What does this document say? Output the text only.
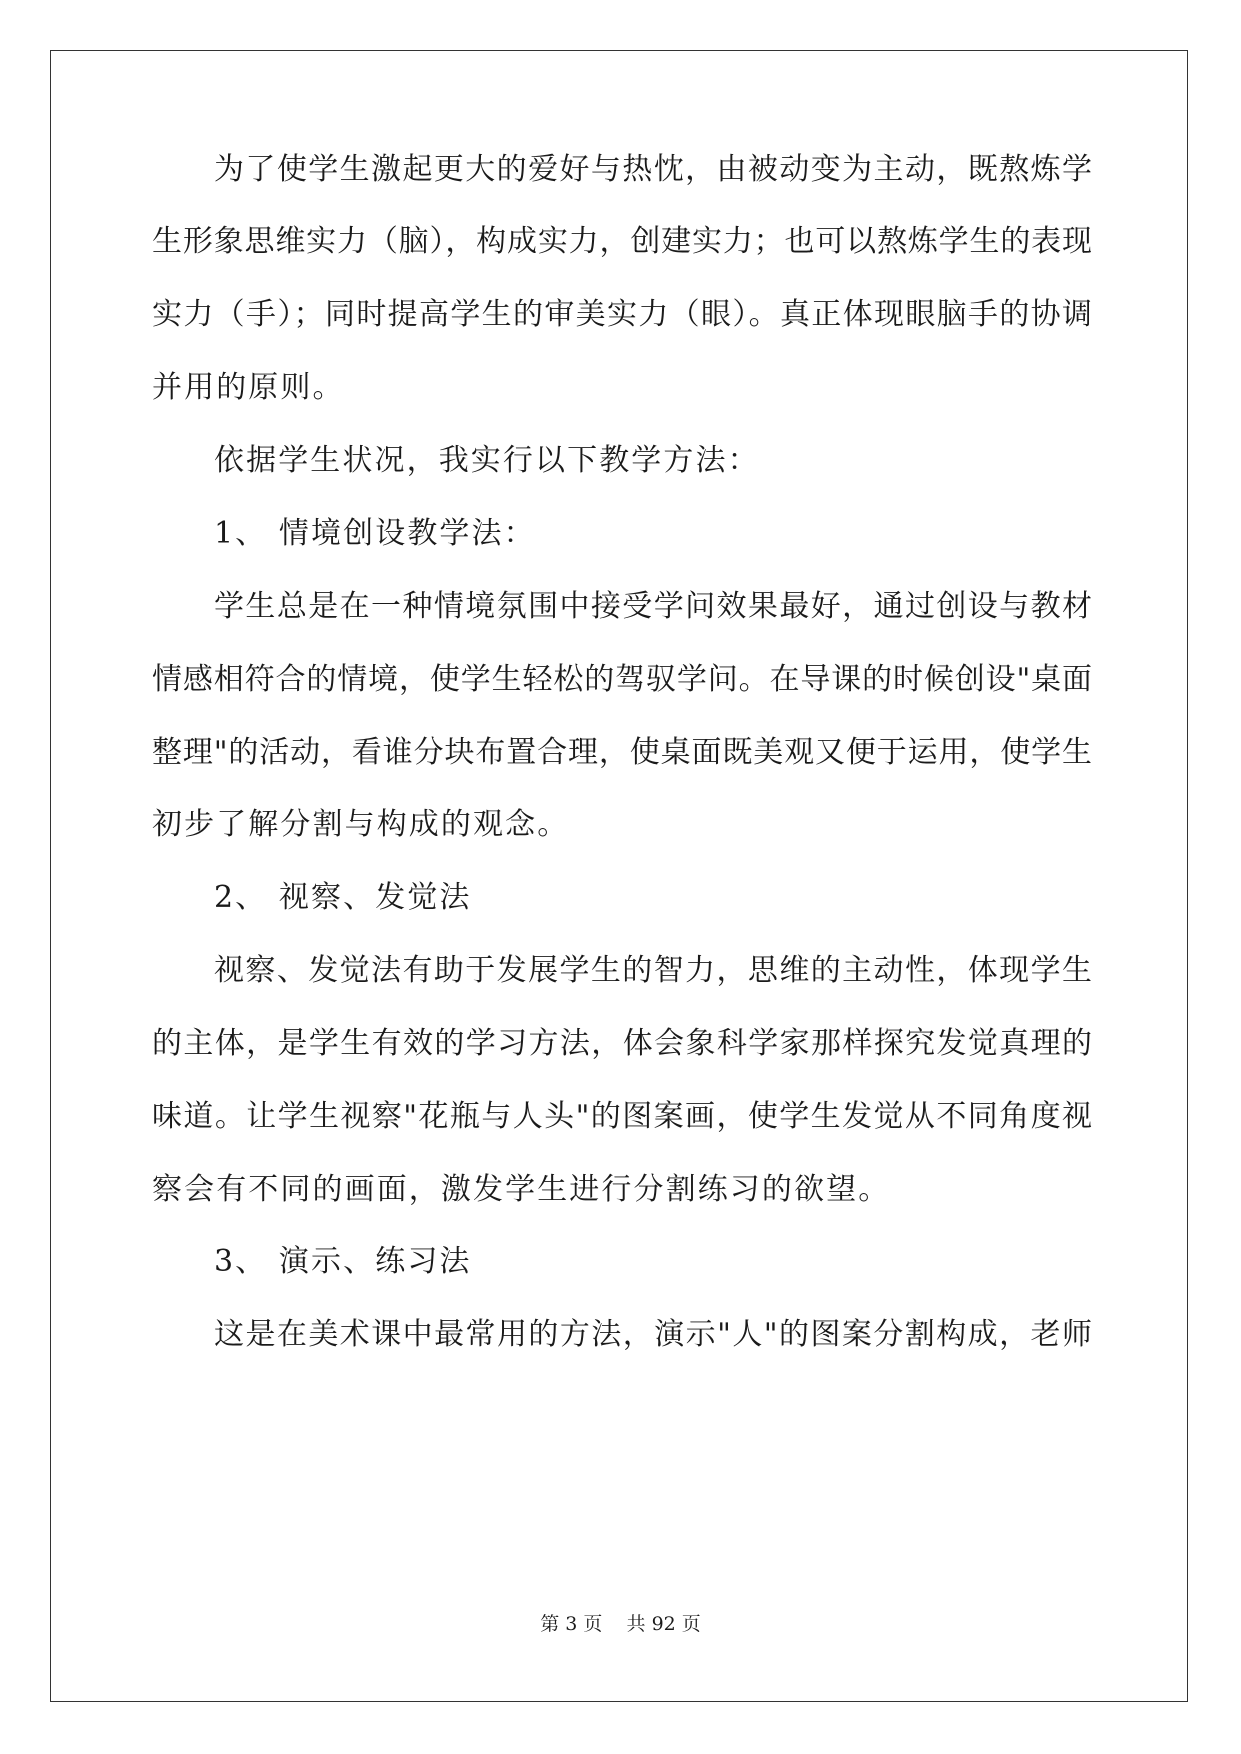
为了使学生激起更大的爱好与热忱，由被动变为主动，既熬炼学
生形象思维实力（脑），构成实力，创建实力；也可以熬炼学生的表现
实力（手）；同时提高学生的审美实力（眼）。真正体现眼脑手的协调
并用的原则。
依据学生状况，我实行以下教学方法：
1、 情境创设教学法：
学生总是在一种情境氛围中接受学问效果最好，通过创设与教材
情感相符合的情境，使学生轻松的驾驭学问。在导课的时候创设"桌面
整理"的活动，看谁分块布置合理，使桌面既美观又便于运用，使学生
初步了解分割与构成的观念。
2、 视察、发觉法
视察、发觉法有助于发展学生的智力，思维的主动性，体现学生
的主体，是学生有效的学习方法，体会象科学家那样探究发觉真理的
味道。让学生视察"花瓶与人头"的图案画，使学生发觉从不同角度视
察会有不同的画面，激发学生进行分割练习的欲望。
3、 演示、练习法
这是在美术课中最常用的方法，演示"人"的图案分割构成，老师
第 3 页    共 92 页
